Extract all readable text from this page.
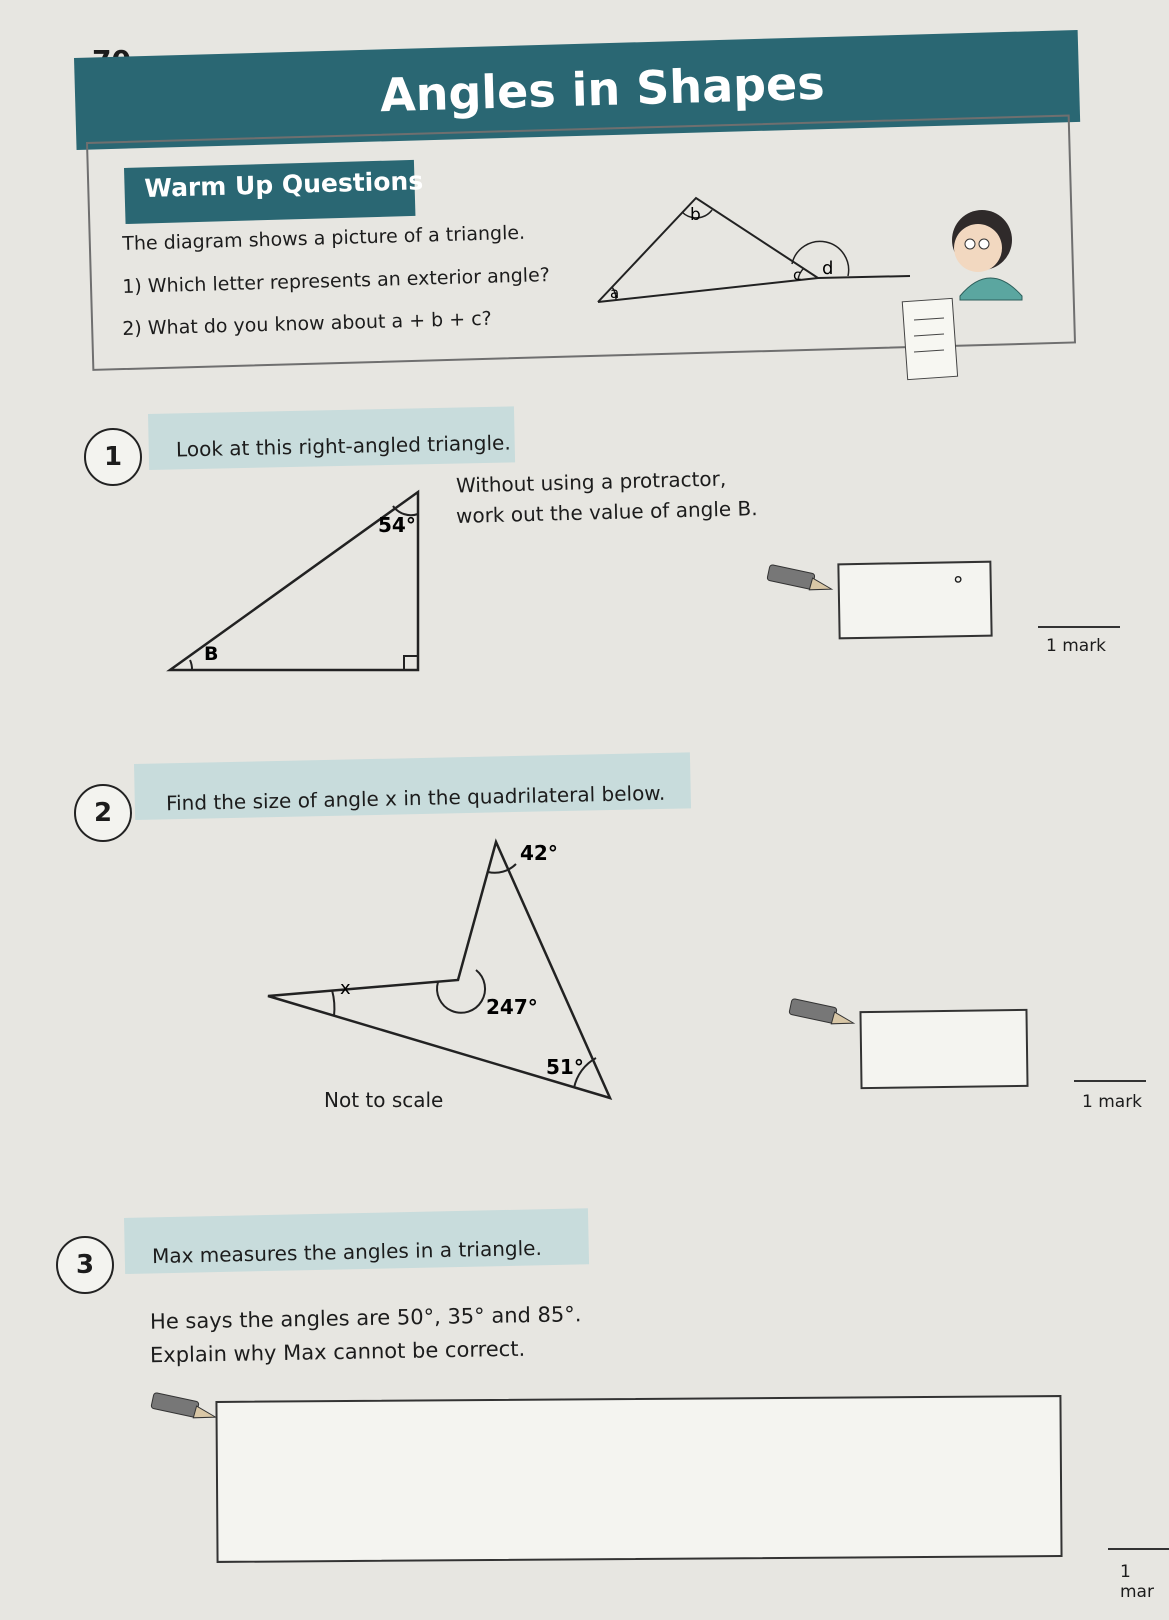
Angles in Shapes
Warm Up Questions
The diagram shows a picture of a triangle.
1) Which letter represents an exterior angle?
2) What do you know about a + b + c?
a
b
c d
1	Look at this right-angled triangle.
Without using a protractor,
work out the value of angle B.
54°
B
°
1 mark
2	Find the size of angle x in the quadrilateral below.
42°
247°
51°
x
Not to scale	1 mark
3	Max measures the angles in a triangle.
He says the angles are 50°, 35° and 85°.
Explain why Max cannot be correct.
1 mar
